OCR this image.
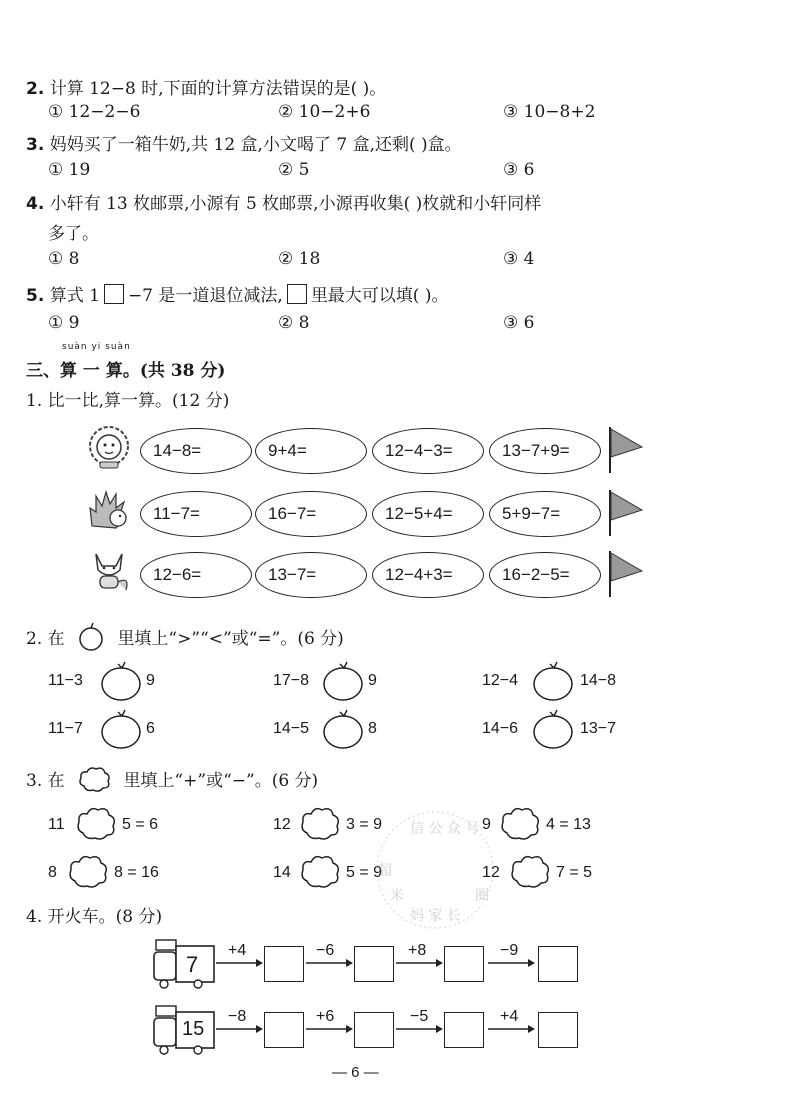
2. 计算 12−8 时,下面的计算方法错误的是( )。
① 12−2−6	② 10−2+6	③ 10−8+2
3. 妈妈买了一箱牛奶,共 12 盒,小文喝了 7 盒,还剩( )盒。
① 19	② 5	③ 6
4. 小轩有 13 枚邮票,小源有 5 枚邮票,小源再收集( )枚就和小轩同样
多了。
① 8	② 18	③ 4
5. 算式 1 −7 是一道退位减法, 里最大可以填( )。
① 9	② 8	③ 6
suàn yi suàn
三、算 一 算。(共 38 分)
1. 比一比,算一算。(12 分)
14−8=	9+4=	12−4−3=	13−7+9=
11−7=	16−7=	12−5+4=	5+9−7=
12−6=	13−7=	12−4+3=	16−2−5=
2. 在	里填上“>”“<”或“=”。(6 分)
11−3	9	17−8	9	12−4	14−8
11−7	6	14−5	8	14−6	13−7
3. 在	里填上“+”或“−”。(6 分)
11	5 = 6	12	3 = 9	9	4 = 13
8	8 = 16	14	5 = 9	12	7 = 5
信 公 众 号
超
米
妈 家 长
圈
4. 开火车。(8 分)
7
+4	−6	+8	−9
15
−8	+6	−5	+4
— 6 —
